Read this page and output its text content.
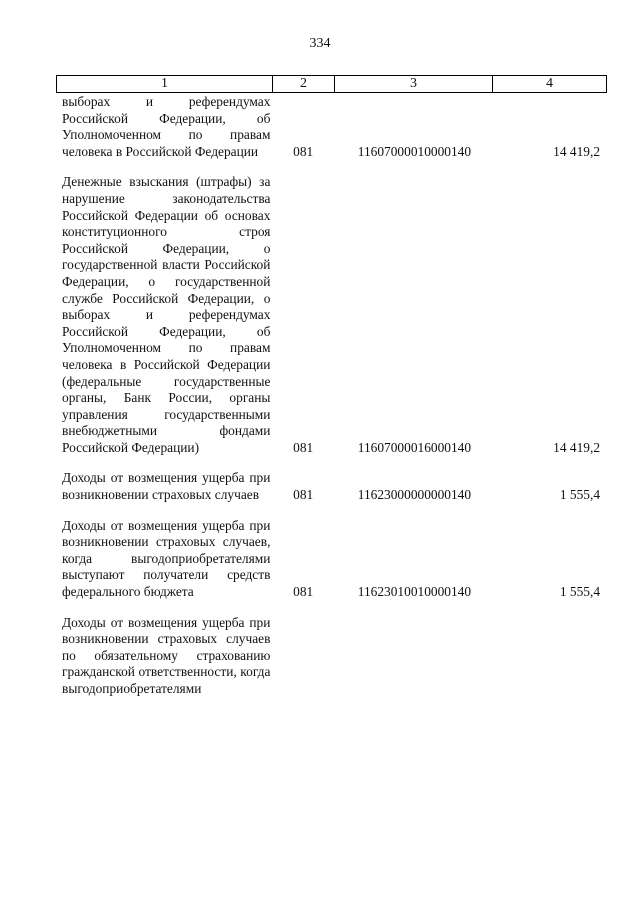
334
1	2	3	4
выборах и референдумах Российской Федерации, об Уполномоченном по правам человека в Российской Федерации	081	11607000010000140	14 419,2
Денежные взыскания (штрафы) за нарушение законодательства Российской Федерации об основах конституционного строя Российской Федерации, о государственной власти Российской Федерации, о государственной службе Российской Федерации, о выборах и референдумах Российской Федерации, об Уполномоченном по правам человека в Российской Федерации (федеральные государственные органы, Банк России, органы управления государственными внебюджетными фондами Российской Федерации)	081	11607000016000140	14 419,2
Доходы от возмещения ущерба при возникновении страховых случаев	081	11623000000000140	1 555,4
Доходы от возмещения ущерба при возникновении страховых случаев, когда выгодоприобретателями выступают получатели средств федерального бюджета	081	11623010010000140	1 555,4
Доходы от возмещения ущерба при возникновении страховых случаев по обязательному страхованию гражданской ответственности, когда выгодоприобретателями
